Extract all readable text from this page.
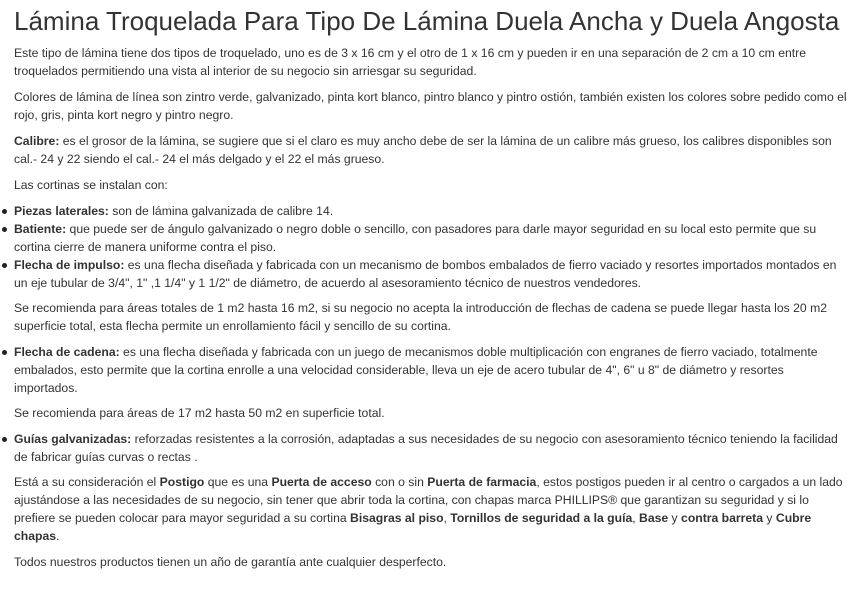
Lámina Troquelada Para Tipo De Lámina Duela Ancha y Duela Angosta

Este tipo de lámina tiene dos tipos de troquelado, uno es de 3 x 16 cm y el otro de 1 x 16 cm y pueden ir en una separación de 2 cm a 10 cm entre troquelados permitiendo una vista al interior de su negocio sin arriesgar su seguridad.

Colores de lámina de línea son zintro verde, galvanizado, pinta kort blanco, pintro blanco y pintro ostión, también existen los colores sobre pedido como el rojo, gris, pinta kort negro y pintro negro.

Calibre: es el grosor de la lámina, se sugiere que si el claro es muy ancho debe de ser la lámina de un calibre más grueso, los calibres disponibles son cal.- 24 y 22 siendo el cal.- 24 el más delgado y el 22 el más grueso.

Las cortinas se instalan con:

Piezas laterales: son de lámina galvanizada de calibre 14.
Batiente: que puede ser de ángulo galvanizado o negro doble o sencillo, con pasadores para darle mayor seguridad en su local esto permite que su cortina cierre de manera uniforme contra el piso.
Flecha de impulso: es una flecha diseñada y fabricada con un mecanismo de bombos embalados de fierro vaciado y resortes importados montados en un eje tubular de 3/4", 1" ,1 1/4" y 1 1/2" de diámetro, de acuerdo al asesoramiento técnico de nuestros vendedores.

Se recomienda para áreas totales de 1 m2 hasta 16 m2, si su negocio no acepta la introducción de flechas de cadena se puede llegar hasta los 20 m2 superficie total, esta flecha permite un enrollamiento fácil y sencillo de su cortina.

Flecha de cadena: es una flecha diseñada y fabricada con un juego de mecanismos doble multiplicación con engranes de fierro vaciado, totalmente embalados, esto permite que la cortina enrolle a una velocidad considerable, lleva un eje de acero tubular de 4", 6" u 8" de diámetro y resortes importados.

Se recomienda para áreas de 17 m2 hasta 50 m2 en superficie total.

Guías galvanizadas: reforzadas resistentes a la corrosión, adaptadas a sus necesidades de su negocio con asesoramiento técnico teniendo la facilidad de fabricar guías curvas o rectas .

Está a su consideración el Postigo que es una Puerta de acceso con o sin Puerta de farmacia, estos postigos pueden ir al centro o cargados a un lado ajustándose a las necesidades de su negocio, sin tener que abrir toda la cortina, con chapas marca PHILLIPS® que garantizan su seguridad y si lo prefiere se pueden colocar para mayor seguridad a su cortina Bisagras al piso, Tornillos de seguridad a la guía, Base y contra barreta y Cubre chapas.

Todos nuestros productos tienen un año de garantía ante cualquier desperfecto.
